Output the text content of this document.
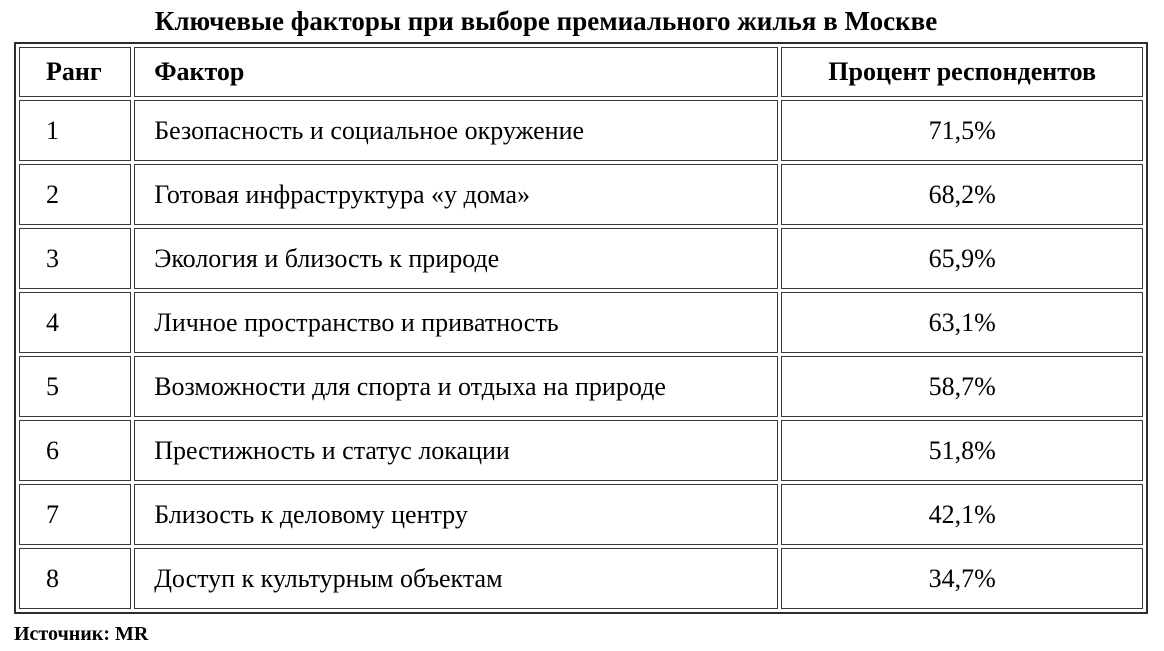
Ключевые факторы при выборе премиального жилья в Москве
Ранг	Фактор	Процент респондентов
1	Безопасность и социальное окружение	71,5%
2	Готовая инфраструктура «у дома»	68,2%
3	Экология и близость к природе	65,9%
4	Личное пространство и приватность	63,1%
5	Возможности для спорта и отдыха на природе	58,7%
6	Престижность и статус локации	51,8%
7	Близость к деловому центру	42,1%
8	Доступ к культурным объектам	34,7%
Источник: MR
